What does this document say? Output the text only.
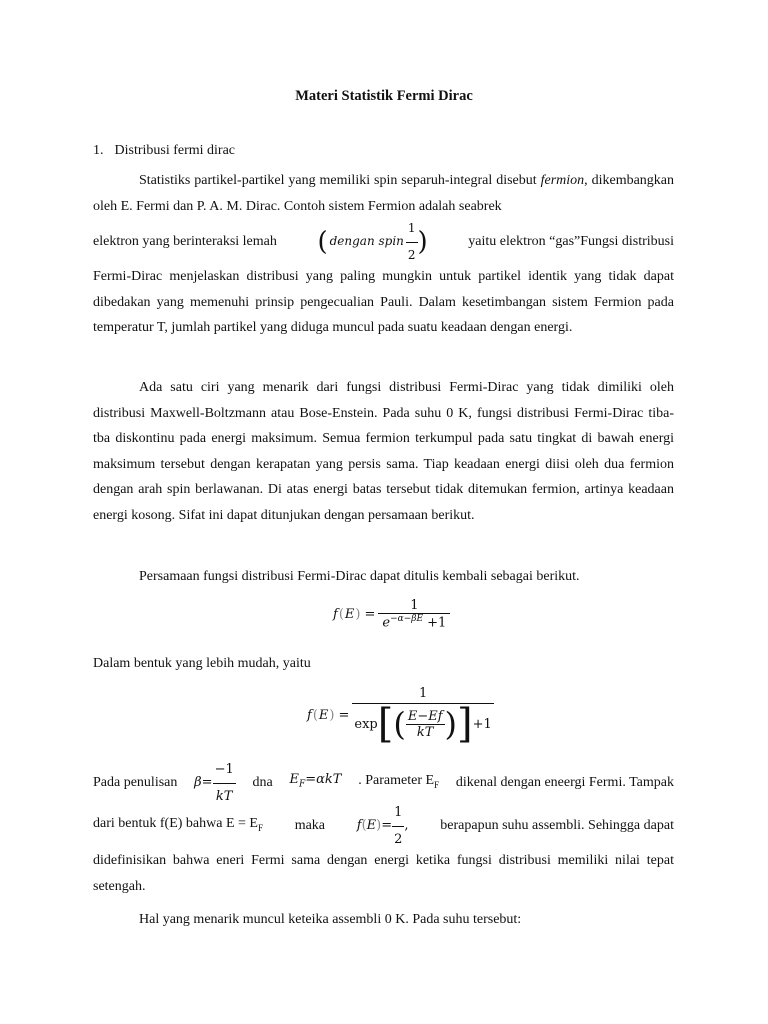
Materi Statistik Fermi Dirac
1. Distribusi fermi dirac

Statistiks partikel-partikel yang memiliki spin separuh-integral disebut fermion, dikembangkan oleh E. Fermi dan P. A. M. Dirac. Contoh sistem Fermion adalah seabrek

elektron yang berinteraksi lemah ( dengan spin $\frac{1}{2}$ )	yaitu elektron “gas”Fungsi distribusi

Fermi-Dirac menjelaskan distribusi yang paling mungkin untuk partikel identik yang tidak dapat dibedakan yang memenuhi prinsip pengecualian Pauli. Dalam kesetimbangan sistem Fermion pada temperatur T, jumlah partikel yang diduga muncul pada suatu keadaan dengan energi.

Ada satu ciri yang menarik dari fungsi distribusi Fermi-Dirac yang tidak dimiliki oleh distribusi Maxwell-Boltzmann atau Bose-Enstein. Pada suhu 0 K, fungsi distribusi Fermi-Dirac tiba-tba diskontinu pada energi maksimum. Semua fermion terkumpul pada satu tingkat di bawah energi maksimum tersebut dengan kerapatan yang persis sama. Tiap keadaan energi diisi oleh dua fermion dengan arah spin berlawanan. Di atas energi batas tersebut tidak ditemukan fermion, artinya keadaan energi kosong. Sifat ini dapat ditunjukan dengan persamaan berikut.

Persamaan fungsi distribusi Fermi-Dirac dapat ditulis kembali sebagai berikut.

f ( E ) = $\frac{1}{e^{-\alpha-\beta E} +1}$

Dalam bentuk yang lebih mudah, yaitu

f ( E ) =
1
exp [ ( $\frac{E-Ef}{kT}$ ) ] +1
Pada penulisan $\beta = \frac{-1}{kT}$ dna $E_F=\alpha kT$ . Parameter $E_F$ dikenal dengan eneergi Fermi. Tampak
dari bentuk f(E) bahwa $E = E_F$ maka f ( E ) = $\frac{1}{2}$ , berapapun suhu assembli. Sehingga dapat

didefinisikan bahwa eneri Fermi sama dengan energi ketika fungsi distribusi memiliki nilai tepat setengah.

Hal yang menarik muncul keteika assembli 0 K. Pada suhu tersebut:
